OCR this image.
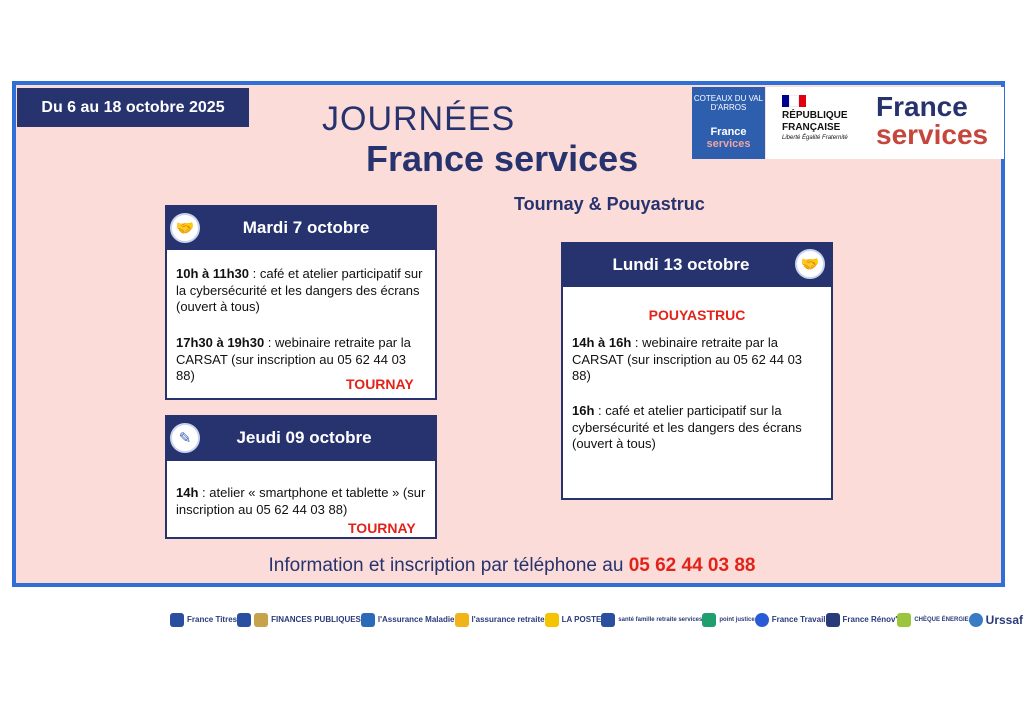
Du 6 au 18 octobre 2025	JOURNÉES
France services
Tournay & Pouyastruc
COTEAUX DU VAL D'ARROS
France
services
RÉPUBLIQUE
FRANÇAISE
Liberté Égalité Fraternité
France
services
Mardi 7 octobre
🤝
10h à 11h30 : café et atelier participatif sur la cybersécurité et les dangers des écrans (ouvert à tous)
17h30 à 19h30 : webinaire retraite par la CARSAT (sur inscription au 05 62 44 03 88)
TOURNAY
Jeudi 09 octobre
✎
14h : atelier « smartphone et tablette » (sur inscription au 05 62 44 03 88)
TOURNAY
Lundi 13 octobre	🤝
POUYASTRUC
14h à 16h : webinaire retraite par la CARSAT (sur inscription au 05 62 44 03 88)
16h : café et atelier participatif sur la cybersécurité et les dangers des écrans (ouvert à tous)
Information et inscription par téléphone au 05 62 44 03 88
France Titres	FINANCES PUBLIQUES l'Assurance Maladie l'assurance retraite LA POSTE	santé famille retraite services	point justice France Travail France Rénov'	CHÈQUE ÉNERGIE Urssaf
